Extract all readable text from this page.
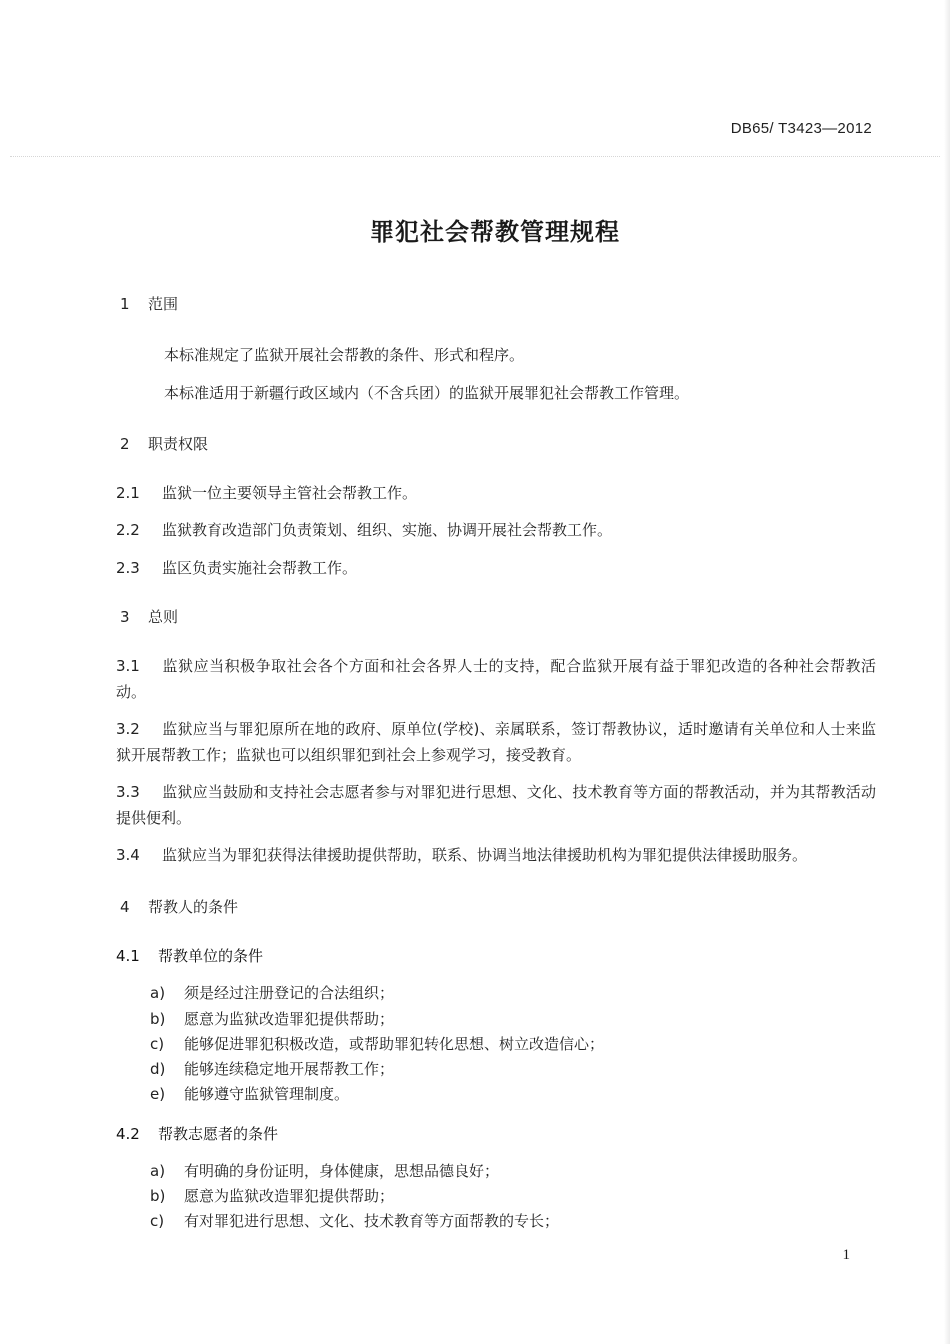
DB65/ T3423—2012
罪犯社会帮教管理规程
1 范围
本标准规定了监狱开展社会帮教的条件、形式和程序。
本标准适用于新疆行政区域内（不含兵团）的监狱开展罪犯社会帮教工作管理。
2 职责权限
2.1 监狱一位主要领导主管社会帮教工作。
2.2 监狱教育改造部门负责策划、组织、实施、协调开展社会帮教工作。
2.3 监区负责实施社会帮教工作。
3 总则
3.1 监狱应当积极争取社会各个方面和社会各界人士的支持，配合监狱开展有益于罪犯改造的各种社会帮教活动。
3.2 监狱应当与罪犯原所在地的政府、原单位(学校)、亲属联系，签订帮教协议，适时邀请有关单位和人士来监狱开展帮教工作；监狱也可以组织罪犯到社会上参观学习，接受教育。
3.3 监狱应当鼓励和支持社会志愿者参与对罪犯进行思想、文化、技术教育等方面的帮教活动，并为其帮教活动提供便利。
3.4 监狱应当为罪犯获得法律援助提供帮助，联系、协调当地法律援助机构为罪犯提供法律援助服务。
4 帮教人的条件
4.1 帮教单位的条件
a) 须是经过注册登记的合法组织；
b) 愿意为监狱改造罪犯提供帮助；
c) 能够促进罪犯积极改造，或帮助罪犯转化思想、树立改造信心；
d) 能够连续稳定地开展帮教工作；
e) 能够遵守监狱管理制度。
4.2 帮教志愿者的条件
a) 有明确的身份证明，身体健康，思想品德良好；
b) 愿意为监狱改造罪犯提供帮助；
c) 有对罪犯进行思想、文化、技术教育等方面帮教的专长；
1
